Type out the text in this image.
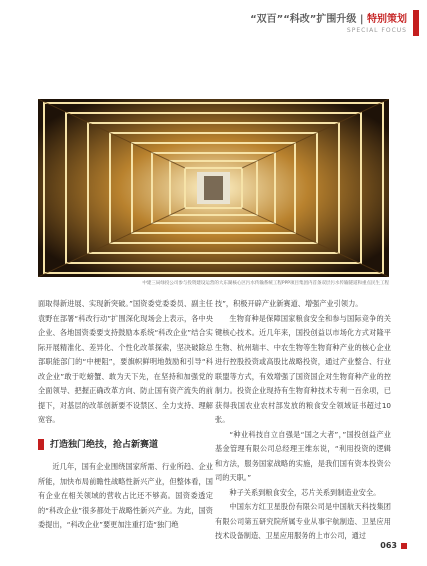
“双百”“科改”扩围升级 | 特别策划
SPECIAL FOCUS
中建三局绿投公司参与投资建设运营的大东湖核心区污水传输系统工程PPP项目集团内首条双层污水传输隧道和重点民生工程

面取得新进展、实现新突破。”国资委党委委员、副主任袁野在部署“科改行动”扩围深化现场会上表示，各中央企业、各地国资委要支持鼓励本系统“科改企业”结合实际开展精准化、差异化、个性化改革探索，坚决破除总部职能部门的“中梗阻”，要旗帜鲜明地鼓励和引导“科改企业”敢于吃螃蟹、敢为天下先，在坚持和加强党的全面领导、把握正确改革方向、防止国有资产流失的前提下，对基层的改革创新要不设禁区、全力支持、理解宽容。

打造独门绝技，抢占新赛道

近几年，国有企业围绕国家所需、行业所趋、企业所能，加快布局前瞻性战略性新兴产业，但整体看，国有企业在相关领域的营收占比还不够高。国资委透定的“科改企业”很多都处于战略性新兴产业。为此，国资委提出，“科改企业”要更加注重打造“独门绝

技”，积极开辟产业新赛道、增强产业引领力。

生物育种是保障国家粮食安全和参与国际竞争的关键核心技术。近几年来，国投创益以市场化方式对隆平生物、杭州瑞丰、中农生物等生物育种产业的核心企业进行控股投资或高股比战略投资，通过产业整合、行业联盟等方式，有效增强了国资国企对生物育种产业的控制力。投资企业现持有生物育种技术专利一百余项，已获得我国农业农村部发放的粮食安全领域证书超过10张。

“种业科技自立自强是“国之大者”，”国投创益产业基金管理有限公司总经理王维东说，“利用投资的逻辑和方法，服务国家战略的实施，是我们国有资本投资公司的天职。”

种子关系到粮食安全，芯片关系到制造业安全。

中国东方红卫星股份有限公司是中国航天科技集团有限公司第五研究院所属专业从事宇航制造、卫星应用技术设备制造、卫星应用服务的上市公司，通过

063
